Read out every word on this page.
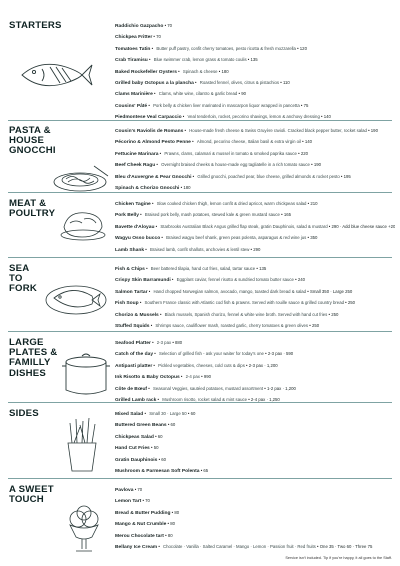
STARTERS	Raddichio Gazpacho • 70
Chickpea Fritter • 70
Tomatoes Tatin • Butter puff pastry, confit cherry tomatoes, pesto ricotta & fresh mozzarella • 120
Crab Tiramisu • Blue swimmer crab, lemon grass & tomato coulis • 135
Baked Rockefeller Oysters • Spinach & cheese • 180
Grilled baby Octopus a la plancha • Roasted fennel, olives, citrus & pistachios • 110
Clams Marinière • Clams, white wine, cilantro & garlic bread • 90
Cousins' Pâté • Pork belly & chicken liver marinated in mascarpon liquor wrapped in pancetta • 75
Piedmontese Veal Carpaccio • Veal tenderloin, rocket, pecorino shavings, lemon & anchovy dressing • 140
PASTA & HOUSE GNOCCHI
Cousin's Raviolis de Romans • House-made fresh cheese & Swiss Gruyère ravioli. Cracked black pepper butter, rocket salad • 190
Pécorino & Almond Pesto Penne • Almond, pecorino cheese, Italian basil & extra virgin oil • 140
Fettucine Marinara • Prawns, clams, calamari & mussel in tomato & smoked paprika sauce • 220
Beef Cheek Ragu • Overnight braised cheeks & house-made egg tagliatelle in a rich tomato sauce • 190
Bleu d'Auvergne & Pear Gnocchi • Grilled gnocchi, poached pear, blue cheese, grilled almonds & rocket pesto • 195
Spinach & Chorizo Gnocchi • 180
MEAT & POULTRY
Chicken Tagine • Slow cooked chicken thigh, lemon confit & dried apricot, warm chickpeas salad • 210
Pork Belly • Braised pork belly, mash potatoes, stewed kale & green mustard sauce • 165
Bavette d'Aloyau • Starbrooks Australian Black Angus grilled flap steak, gratin Dauphinois, salad & mustard • 290 · Add blue cheese sauce +20
Wagyu Osso bucco • Braised wagyu beef shank, green peas polenta, asparagus & red wine jus • 350
Lamb Shank • Braised lamb, confit shallots, anchovies & lentil stew • 290
SEA TO FORK
Fish & Chips • Beer battered tilapia, hand cut fries, salad, tartar sauce • 135
Crispy Skin Barramundi • Eggplant caviar, fennel risotto & sundried tomato butter sauce • 240
Salmon Tartar • Hand chopped Norwegian salmon, avocado, mango, toasted dark bread & salad • Small 350 · Large 250
Fish Soup • Southern France classic with Atlantic cod fish & prawns. Served with rouille sauce & grilled country bread • 250
Chorizo & Mussels • Black mussels, Spanish chorizo, fennel & white wine broth. Served with hand cut fries • 250
Stuffed Squids • Shrimps sauce, cauliflower mash, roasted garlic, cherry tomatoes & green olives • 250
LARGE PLATES & FAMILLY DISHES
Seafood Platter • 2-3 pax • 880
Catch of the day • Selection of grilled fish - ask your waiter for today's one • 2-3 pax · 590
Antipasti platter • Pickled vegetables, cheeses, cold cuts & dips • 2-3 pax · 1,200
Ink Risotto & Baby Octopus • 2-4 pax • 990
Côte de Bœuf • Seasonal Veggies, sautéed potatoes, mustard assortment • 1-2 pax · 1,200
Grilled Lamb rack • Mushroom risotto, rocket salad & mint sauce • 2-4 pax · 1,250
SIDES	Mixed Salad • Small 30 · Large 50 • 60
Buttered Green Beans • 60
Chickpeas Salad • 60
Hand Cut Fries • 50
Gratin Dauphinois • 60
Mushroom & Parmesan Soft Polenta • 65
A SWEET TOUCH
Pavlova • 70
Lemon Tart • 70
Bread & Butter Pudding • 80
Mango & Nut Crumble • 80
Merou Chocolate tart • 80
Bellany Ice Cream • Chocolate · Vanilla · Salted Caramel · Mango · Lemon · Passion fruit · Red fruits • One 35 · Two 60 · Three 75
Service isn't included. Tip if you're happy, it all goes to the Staff.
